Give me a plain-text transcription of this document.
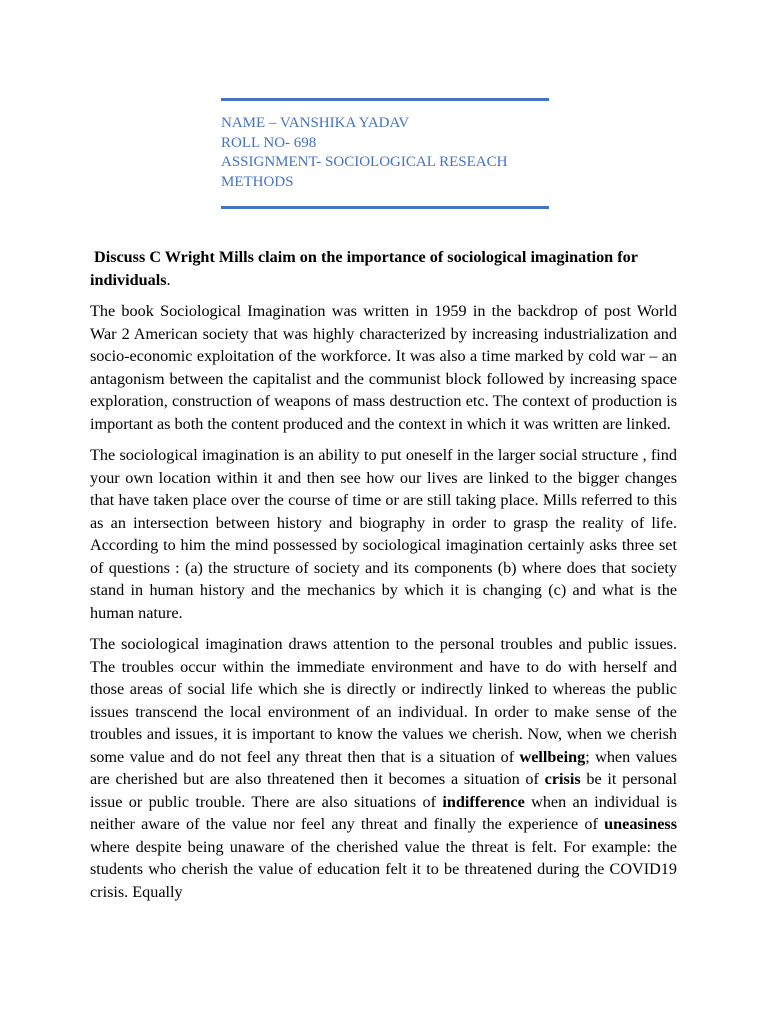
NAME – VANSHIKA YADAV
ROLL NO- 698
ASSIGNMENT- SOCIOLOGICAL RESEACH METHODS

Discuss C Wright Mills claim on the importance of sociological imagination for individuals.

The book Sociological Imagination was written in 1959 in the backdrop of post World War 2 American society that was highly characterized by increasing industrialization and socio-economic exploitation of the workforce. It was also a time marked by cold war – an antagonism between the capitalist and the communist block followed by increasing space exploration, construction of weapons of mass destruction etc. The context of production is important as both the content produced and the context in which it was written are linked.

The sociological imagination is an ability to put oneself in the larger social structure , find your own location within it and then see how our lives are linked to the bigger changes that have taken place over the course of time or are still taking place. Mills referred to this as an intersection between history and biography in order to grasp the reality of life. According to him the mind possessed by sociological imagination certainly asks three set of questions : (a) the structure of society and its components (b) where does that society stand in human history and the mechanics by which it is changing (c) and what is the human nature.

The sociological imagination draws attention to the personal troubles and public issues. The troubles occur within the immediate environment and have to do with herself and those areas of social life which she is directly or indirectly linked to whereas the public issues transcend the local environment of an individual. In order to make sense of the troubles and issues, it is important to know the values we cherish. Now, when we cherish some value and do not feel any threat then that is a situation of wellbeing; when values are cherished but are also threatened then it becomes a situation of crisis be it personal issue or public trouble. There are also situations of indifference when an individual is neither aware of the value nor feel any threat and finally the experience of uneasiness where despite being unaware of the cherished value the threat is felt. For example: the students who cherish the value of education felt it to be threatened during the COVID19 crisis. Equally
